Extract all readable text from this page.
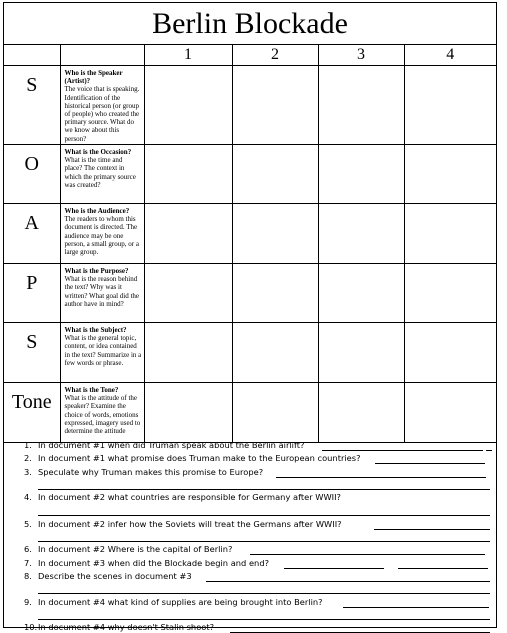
Berlin Blockade
		1	2	3	4
S	Who is the Speaker (Artist)?
The voice that is speaking. Identification of the historical person (or group of people) who created the primary source. What do we know about this person?				
O	What is the Occasion?
What is the time and place? The context in which the primary source was created?				
A	Who is the Audience?
The readers to whom this document is directed. The audience may be one person, a small group, or a large group.				
P	What is the Purpose?
What is the reason behind the text? Why was it written? What goal did the author have in mind?				
S	What is the Subject?
What is the general topic, content, or idea contained in the text? Summarize in a few words or phrase.				
Tone	What is the Tone?
What is the attitude of the speaker? Examine the choice of words, emotions expressed, imagery used to determine the attitude				
1. In document #1 when did Truman speak about the Berlin airlift?
2. In document #1 what promise does Truman make to the European countries?
3. Speculate why Truman makes this promise to Europe?
4. In document #2 what countries are responsible for Germany after WWII?
5. In document #2 infer how the Soviets will treat the Germans after WWII?
6. In document #2 Where is the capital of Berlin?
7. In document #3 when did the Blockade begin and end?
8. Describe the scenes in document #3
9. In document #4 what kind of supplies are being brought into Berlin?
10.In document #4 why doesn't Stalin shoot?
